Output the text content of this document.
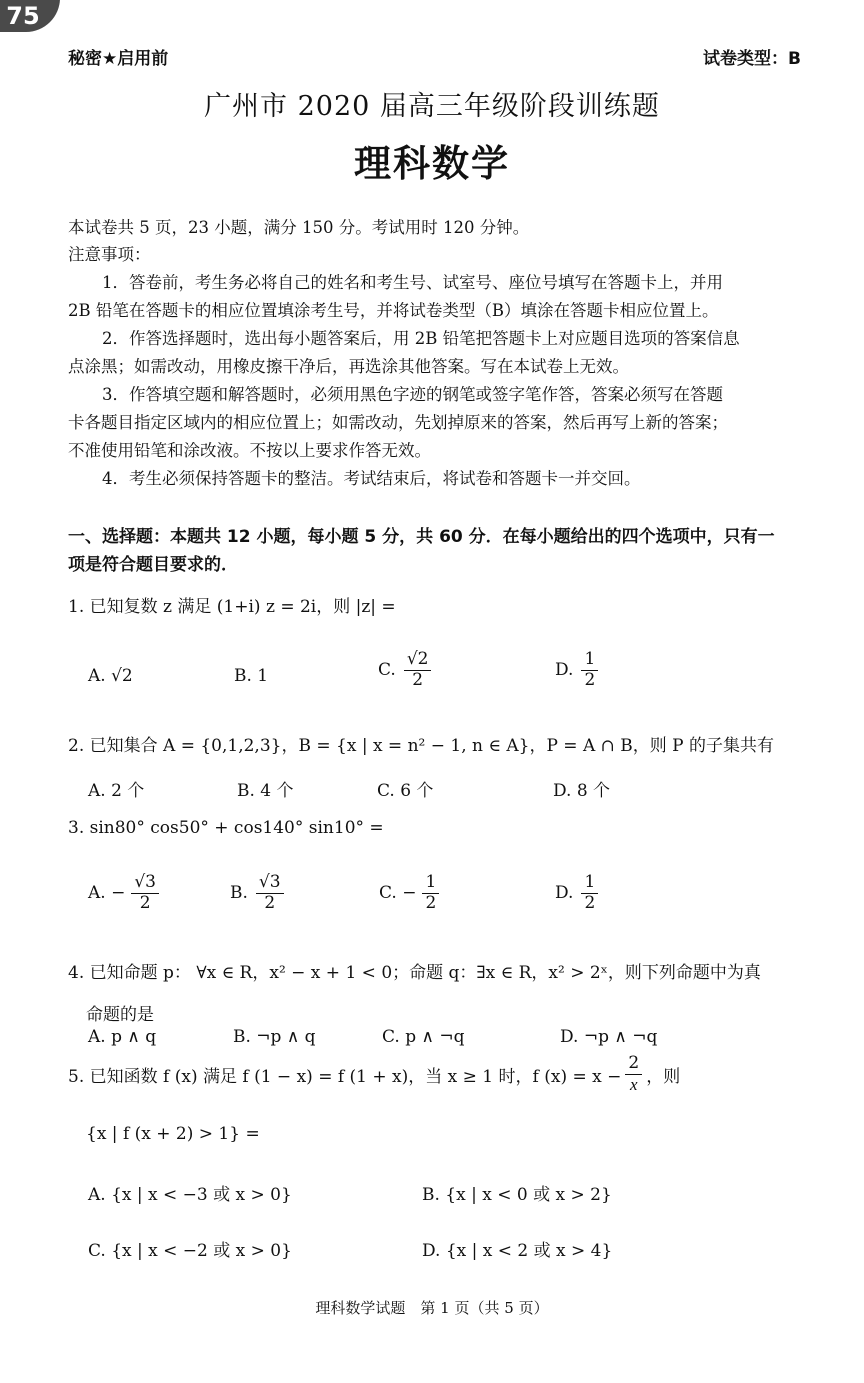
75
秘密★启用前	试卷类型：B
广州市 2020 届高三年级阶段训练题
理科数学
本试卷共 5 页，23 小题，满分 150 分。考试用时 120 分钟。
注意事项：
1．答卷前，考生务必将自己的姓名和考生号、试室号、座位号填写在答题卡上，并用
2B 铅笔在答题卡的相应位置填涂考生号，并将试卷类型（B）填涂在答题卡相应位置上。
2．作答选择题时，选出每小题答案后，用 2B 铅笔把答题卡上对应题目选项的答案信息
点涂黑；如需改动，用橡皮擦干净后，再选涂其他答案。写在本试卷上无效。
3．作答填空题和解答题时，必须用黑色字迹的钢笔或签字笔作答，答案必须写在答题
卡各题目指定区域内的相应位置上；如需改动，先划掉原来的答案，然后再写上新的答案；
不准使用铅笔和涂改液。不按以上要求作答无效。
4．考生必须保持答题卡的整洁。考试结束后，将试卷和答题卡一并交回。
一、选择题：本题共 12 小题，每小题 5 分，共 60 分．在每小题给出的四个选项中，只有一
项是符合题目要求的．
1. 已知复数 z 满足 (1+i) z = 2i，则 |z| =
A. √2	B. 1	C. $\frac{√2}{2}$	D. $\frac{1}{2}$
2. 已知集合 A = {0,1,2,3}，B = {x | x = n² − 1, n ∈ A}，P = A ∩ B，则 P 的子集共有
A. 2 个	B. 4 个	C. 6 个	D. 8 个
3. sin80° cos50° + cos140° sin10° =
A. − $\frac{√3}{2}$	B. $\frac{√3}{2}$	C. − $\frac{1}{2}$	D. $\frac{1}{2}$
4. 已知命题 p： ∀x ∈ R，x² − x + 1 < 0；命题 q：∃x ∈ R，x² > 2ˣ，则下列命题中为真
命题的是
A. p ∧ q	B. ¬p ∧ q	C. p ∧ ¬q	D. ¬p ∧ ¬q
5. 已知函数 f (x) 满足 f (1 − x) = f (1 + x)，当 x ≥ 1 时，f $(x) = x - \frac{2}{x}$ ，则
{x | f (x + 2) > 1} =
A. {x | x < −3 或 x > 0}	B. {x | x < 0 或 x > 2}
C. {x | x < −2 或 x > 0}	D. {x | x < 2 或 x > 4}
理科数学试题　第 1 页（共 5 页）
